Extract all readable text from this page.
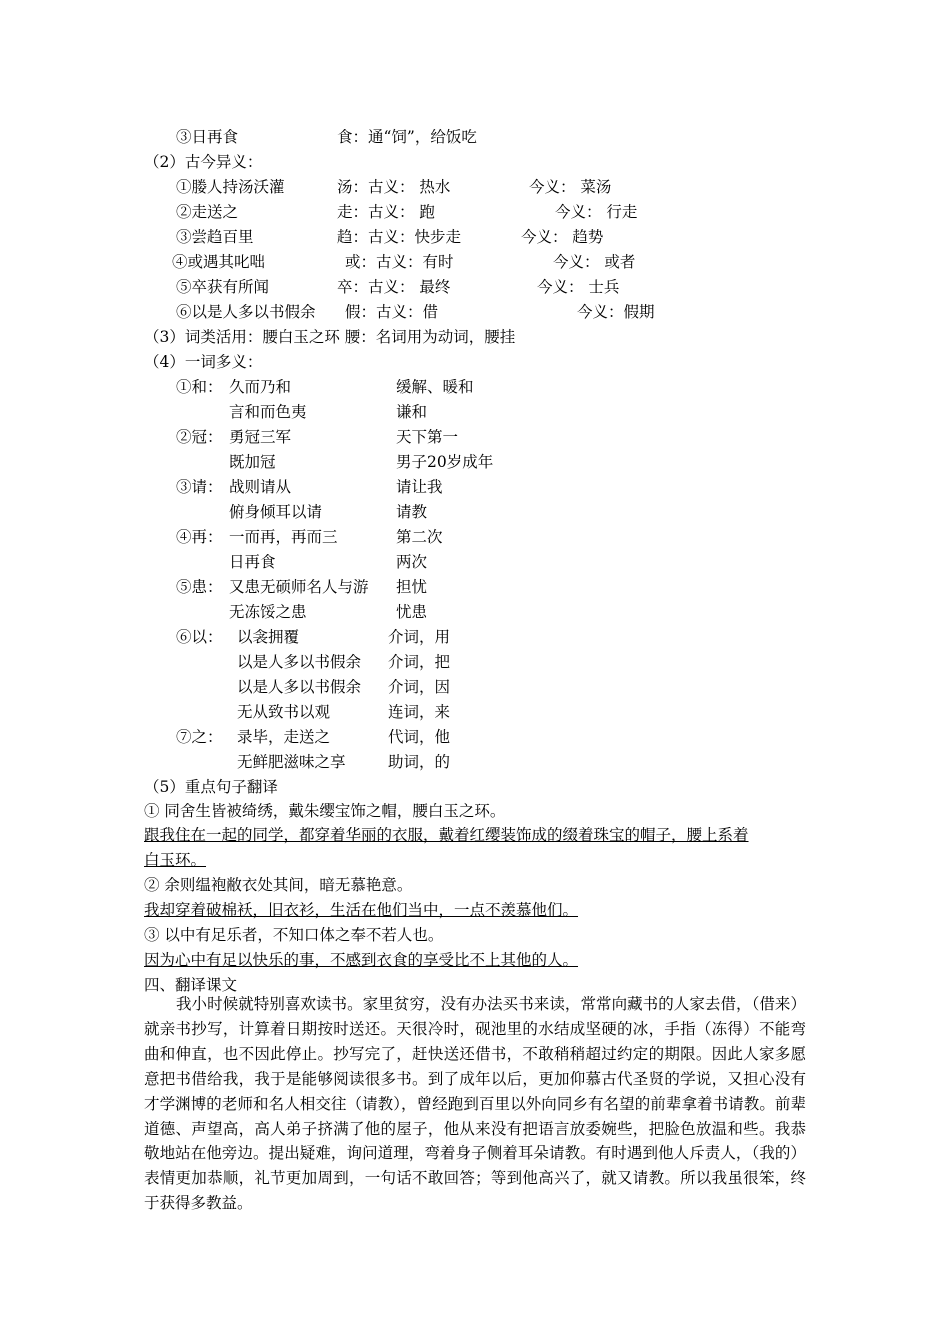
③日再食	食：通“饲”，给饭吃
（2）古今异义：
①媵人持汤沃灌	汤：古义： 热水	今义： 菜汤
②走送之	走：古义： 跑	今义： 行走
③尝趋百里	趋：古义：快步走	今义： 趋势
④或遇其叱咄	或：古义：有时	今义： 或者
⑤卒获有所闻	卒：古义： 最终	今义： 士兵
⑥以是人多以书假余 假：古义：借	今义：假期
（3）词类活用：腰白玉之环 腰：名词用为动词，腰挂
（4）一词多义：
①和： 久而乃和	缓解、暖和
言和而色夷	谦和
②冠： 勇冠三军	天下第一
既加冠	男子20岁成年
③请： 战则请从	请让我
俯身倾耳以请	请教
④再： 一而再，再而三	第二次
日再食	两次
⑤患： 又患无硕师名人与游 担忧
无冻馁之患	忧患
⑥以： 以衾拥覆	介词，用
以是人多以书假余 介词，把
以是人多以书假余 介词，因
无从致书以观	连词，来
⑦之： 录毕，走送之	代词，他
无鲜肥滋味之享	助词，的
（5）重点句子翻译
① 同舍生皆被绮绣，戴朱缨宝饰之帽，腰白玉之环。
跟我住在一起的同学，都穿着华丽的衣服，戴着红缨装饰成的缀着珠宝的帽子，腰上系着
白玉环。
② 余则缊袍敝衣处其间，暗无慕艳意。
我却穿着破棉袄，旧衣衫，生活在他们当中，一点不羡慕他们。
③ 以中有足乐者，不知口体之奉不若人也。
因为心中有足以快乐的事，不感到衣食的享受比不上其他的人。
四、翻译课文
我小时候就特别喜欢读书。家里贫穷，没有办法买书来读，常常向藏书的人家去借，（借来）就亲书抄写，计算着日期按时送还。天很冷时，砚池里的水结成坚硬的冰，手指（冻得）不能弯曲和伸直，也不因此停止。抄写完了，赶快送还借书，不敢稍稍超过约定的期限。因此人家多愿意把书借给我，我于是能够阅读很多书。到了成年以后，更加仰慕古代圣贤的学说，又担心没有才学渊博的老师和名人相交往（请教），曾经跑到百里以外向同乡有名望的前辈拿着书请教。前辈道德、声望高，高人弟子挤满了他的屋子，他从来没有把语言放委婉些，把脸色放温和些。我恭敬地站在他旁边。提出疑难，询问道理，弯着身子侧着耳朵请教。有时遇到他人斥责人，（我的）表情更加恭顺，礼节更加周到，一句话不敢回答；等到他高兴了，就又请教。所以我虽很笨，终于获得多教益。
